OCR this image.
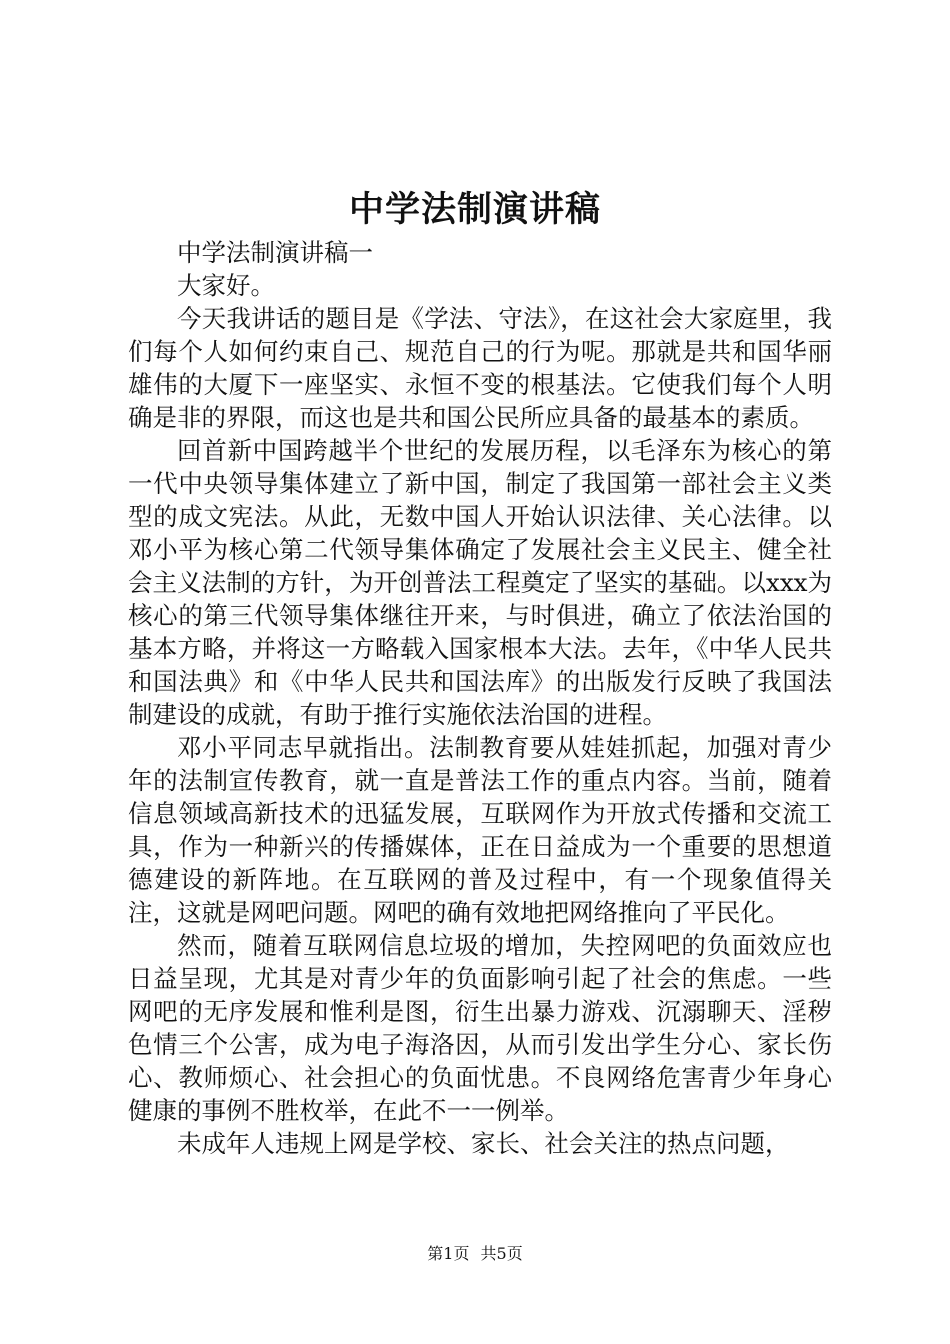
中学法制演讲稿

中学法制演讲稿一

大家好。

今天我讲话的题目是《学法、守法》，在这社会大家庭里，我们每个人如何约束自己、规范自己的行为呢。那就是共和国华丽雄伟的大厦下一座坚实、永恒不变的根基法。它使我们每个人明确是非的界限，而这也是共和国公民所应具备的最基本的素质。

回首新中国跨越半个世纪的发展历程，以毛泽东为核心的第一代中央领导集体建立了新中国，制定了我国第一部社会主义类型的成文宪法。从此，无数中国人开始认识法律、关心法律。以邓小平为核心第二代领导集体确定了发展社会主义民主、健全社会主义法制的方针，为开创普法工程奠定了坚实的基础。以xxx为核心的第三代领导集体继往开来，与时俱进，确立了依法治国的基本方略，并将这一方略载入国家根本大法。去年，《中华人民共和国法典》和《中华人民共和国法库》的出版发行反映了我国法制建设的成就，有助于推行实施依法治国的进程。

邓小平同志早就指出。法制教育要从娃娃抓起，加强对青少年的法制宣传教育，就一直是普法工作的重点内容。当前，随着信息领域高新技术的迅猛发展，互联网作为开放式传播和交流工具，作为一种新兴的传播媒体，正在日益成为一个重要的思想道德建设的新阵地。在互联网的普及过程中，有一个现象值得关注，这就是网吧问题。网吧的确有效地把网络推向了平民化。

然而，随着互联网信息垃圾的增加，失控网吧的负面效应也日益呈现，尤其是对青少年的负面影响引起了社会的焦虑。一些网吧的无序发展和惟利是图，衍生出暴力游戏、沉溺聊天、淫秽色情三个公害，成为电子海洛因，从而引发出学生分心、家长伤心、教师烦心、社会担心的负面忧患。不良网络危害青少年身心健康的事例不胜枚举，在此不一一例举。

未成年人违规上网是学校、家长、社会关注的热点问题，

第1页 共5页
